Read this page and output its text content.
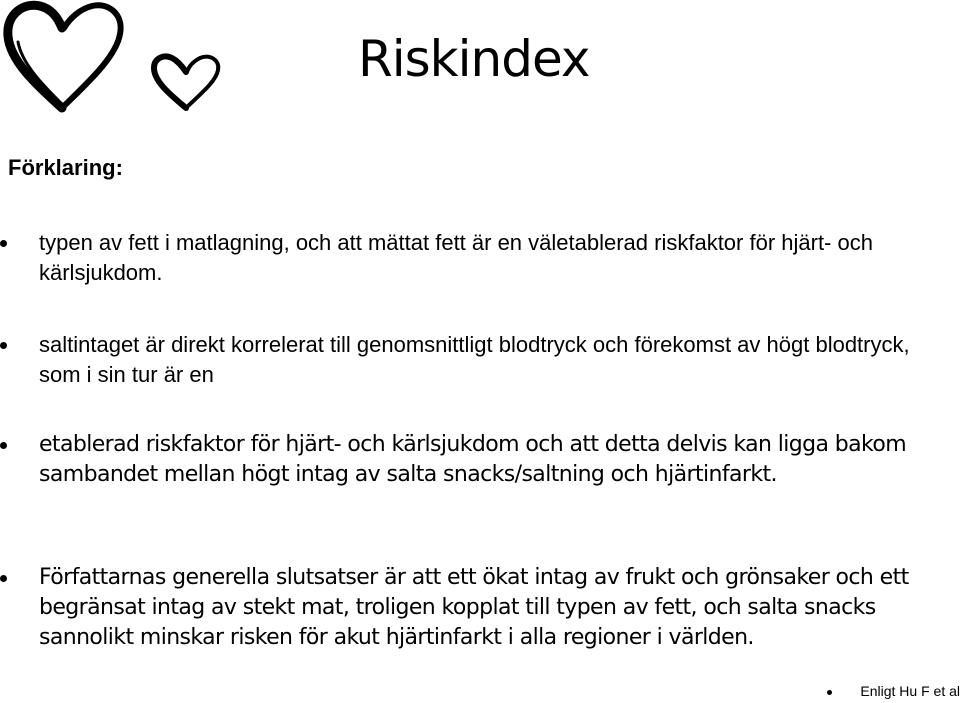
Riskindex
Förklaring:
typen av fett i matlagning, och att mättat fett är en väletablerad riskfaktor för hjärt- och kärlsjukdom.
saltintaget är direkt korrelerat till genomsnittligt blodtryck och förekomst av högt blodtryck, som i sin tur är en
etablerad riskfaktor för hjärt- och kärlsjukdom och att detta delvis kan ligga bakom sambandet mellan högt intag av salta snacks/saltning och hjärtinfarkt.
Författarnas generella slutsatser är att ett ökat intag av frukt och grönsaker och ett begränsat intag av stekt mat, troligen kopplat till typen av fett, och salta snacks sannolikt minskar risken för akut hjärtinfarkt i alla regioner i världen.
Enligt Hu F et al
